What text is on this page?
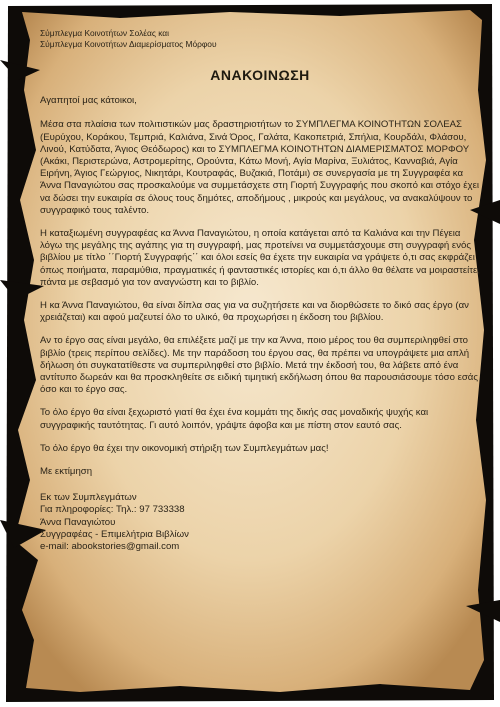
Σύμπλεγμα Κοινοτήτων Σολέας και

Σύμπλεγμα Κοινοτήτων Διαμερίσματος Μόρφου

ΑΝΑΚΟΙΝΩΣΗ

Αγαπητοί μας κάτοικοι,

Μέσα στα πλαίσια των πολιτιστικών μας δραστηριοτήτων το ΣΥΜΠΛΕΓΜΑ ΚΟΙΝΟΤΗΤΩΝ ΣΟΛΕΑΣ (Ευρύχου, Κοράκου, Τεμπριά, Καλιάνα, Σινά Όρος, Γαλάτα, Κακοπετριά, Σπήλια, Κουρδάλι, Φλάσου, Λινού, Κατύδατα, Άγιος Θεόδωρος) και το ΣΥΜΠΛΕΓΜΑ ΚΟΙΝΟΤΗΤΩΝ ΔΙΑΜΕΡΙΣΜΑΤΟΣ ΜΟΡΦΟΥ (Ακάκι, Περιστερώνα, Αστρομερίτης, Ορούντα, Κάτω Μονή, Αγία Μαρίνα, Ξυλιάτος, Κανναβιά, Αγία Ειρήνη, Άγιος Γεώργιος, Νικητάρι, Κουτραφάς, Βυζακιά, Ποτάμι) σε συνεργασία με τη Συγγραφέα κα Άννα Παναγιώτου σας προσκαλούμε να συμμετάσχετε στη Γιορτή Συγγραφής που σκοπό και στόχο έχει να δώσει την ευκαιρία σε όλους τους δημότες, αποδήμους , μικρούς και μεγάλους, να ανακαλύψουν το συγγραφικό τους ταλέντο.

Η καταξιωμένη συγγραφέας κα Άννα Παναγιώτου, η οποία κατάγεται από τα Καλιάνα και την Πέγεια λόγω της μεγάλης της αγάπης για τη συγγραφή, μας προτείνει να συμμετάσχουμε στη συγγραφή ενός βιβλίου με τίτλο ΄΄Γιορτή Συγγραφής΄΄ και όλοι εσείς θα έχετε την ευκαιρία να γράψετε ό,τι σας εκφράζει όπως ποιήματα, παραμύθια, πραγματικές ή φανταστικές ιστορίες και ό,τι άλλο θα θέλατε να μοιραστείτε, πάντα με σεβασμό για τον αναγνώστη και το βιβλίο.

Η κα Άννα Παναγιώτου, θα είναι δίπλα σας για να συζητήσετε και να διορθώσετε το δικό σας έργο (αν χρειάζεται) και αφού μαζευτεί όλο το υλικό, θα προχωρήσει η έκδοση του βιβλίου.

Αν το έργο σας είναι μεγάλο, θα επιλέξετε μαζί με την κα Άννα, ποιο μέρος του θα συμπεριληφθεί στο βιβλίο (τρεις περίπου σελίδες). Με την παράδοση του έργου σας, θα πρέπει να υπογράψετε μια απλή δήλωση ότι συγκατατίθεστε να συμπεριληφθεί στο βιβλίο. Μετά την έκδοσή του, θα λάβετε από ένα αντίτυπο δωρεάν και θα προσκληθείτε σε ειδική τιμητική εκδήλωση όπου θα παρουσιάσουμε τόσο εσάς όσο και το έργο σας.

Το όλο έργο θα είναι ξεχωριστό γιατί θα έχει ένα κομμάτι της δικής σας μοναδικής ψυχής και συγγραφικής ταυτότητας. Γι αυτό λοιπόν, γράψτε άφοβα και με πίστη στον εαυτό σας.

Το όλο έργο θα έχει την οικονομική στήριξη των Συμπλεγμάτων μας!

Με εκτίμηση

Εκ των Συμπλεγμάτων

Για πληροφορίες: Τηλ.: 97 733338

Άννα Παναγιώτου

Συγγραφέας - Επιμελήτρια Βιβλίων

e-mail: abookstories@gmail.com
